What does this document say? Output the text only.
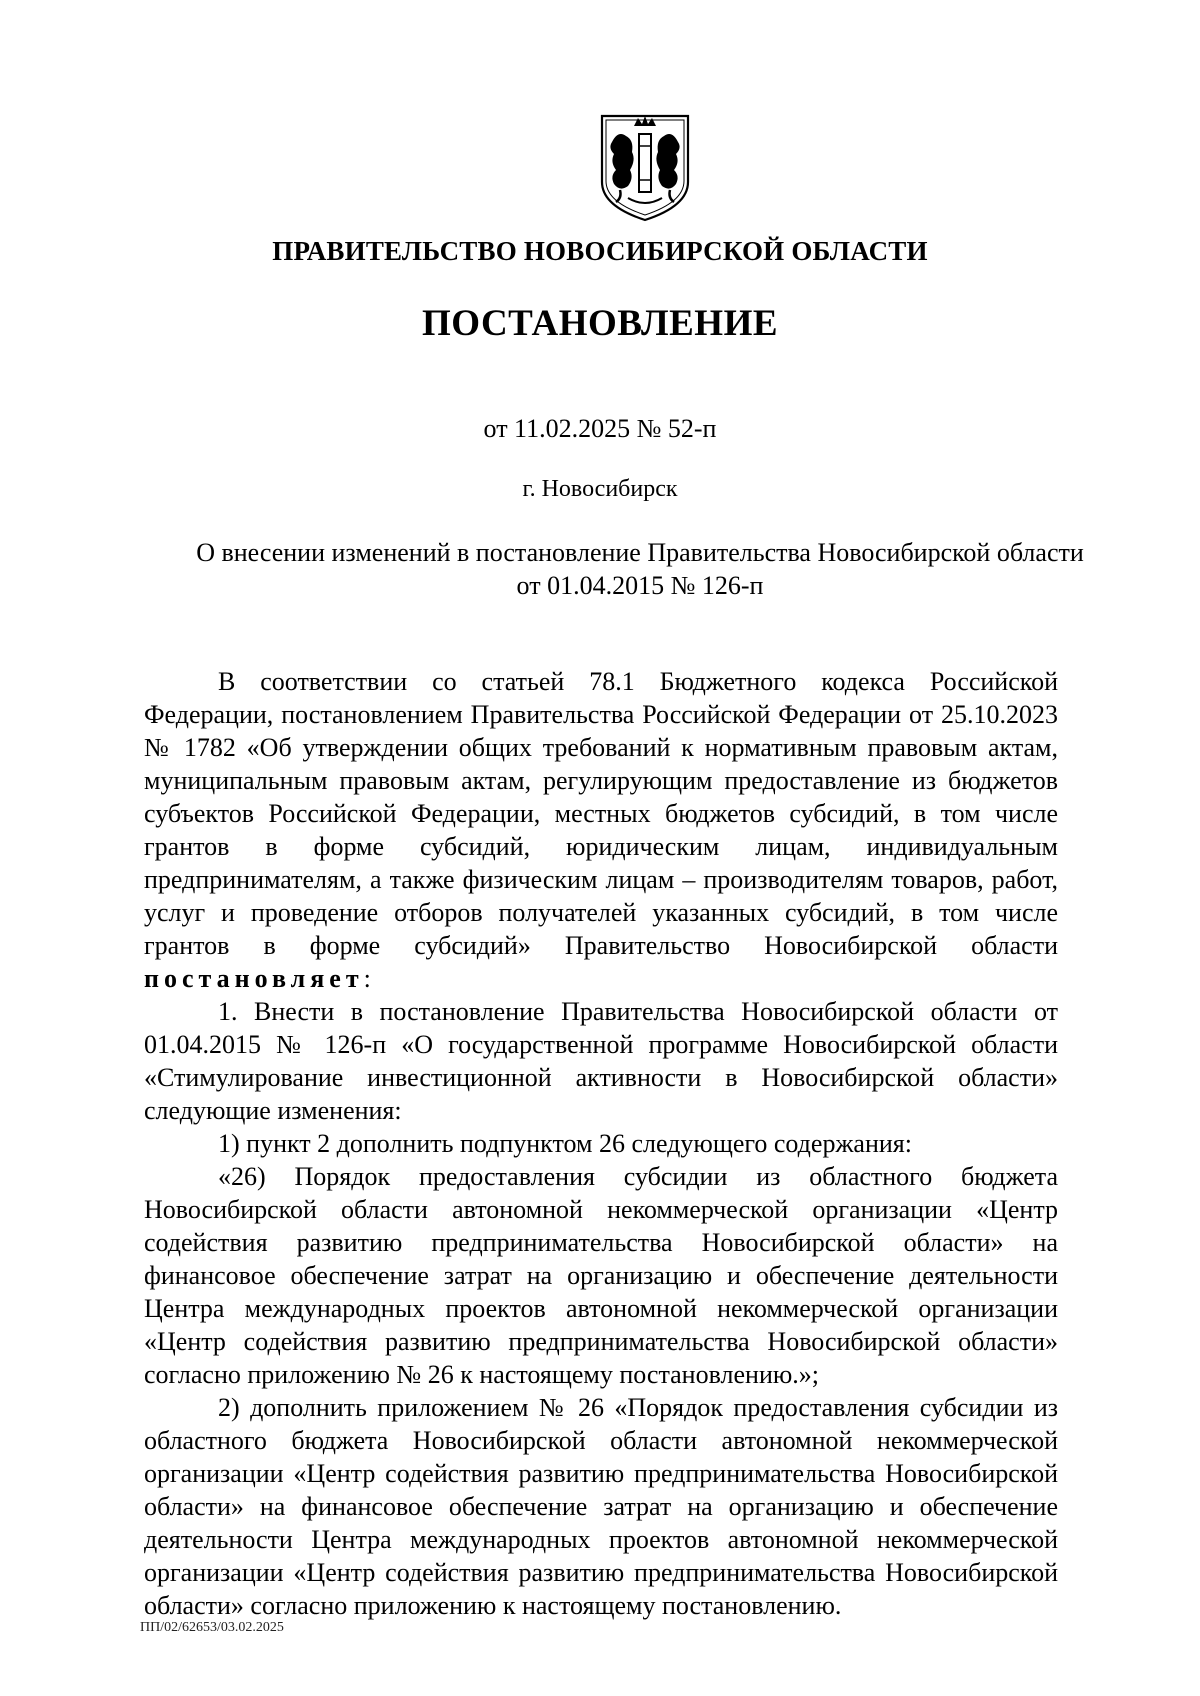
ПРАВИТЕЛЬСТВО НОВОСИБИРСКОЙ ОБЛАСТИ
ПОСТАНОВЛЕНИЕ
от 11.02.2025 № 52-п
г. Новосибирск
О внесении изменений в постановление Правительства Новосибирской области
от 01.04.2015 № 126-п

В соответствии со статьей 78.1 Бюджетного кодекса Российской Федерации, постановлением Правительства Российской Федерации от 25.10.2023 № 1782 «Об утверждении общих требований к нормативным правовым актам, муниципальным правовым актам, регулирующим предоставление из бюджетов субъектов Российской Федерации, местных бюджетов субсидий, в том числе грантов в форме субсидий, юридическим лицам, индивидуальным предпринимателям, а также физическим лицам – производителям товаров, работ, услуг и проведение отборов получателей указанных субсидий, в том числе грантов в форме субсидий» Правительство Новосибирской области постановляет:

1. Внести в постановление Правительства Новосибирской области от 01.04.2015 № 126-п «О государственной программе Новосибирской области «Стимулирование инвестиционной активности в Новосибирской области» следующие изменения:

1) пункт 2 дополнить подпунктом 26 следующего содержания:

«26) Порядок предоставления субсидии из областного бюджета Новосибирской области автономной некоммерческой организации «Центр содействия развитию предпринимательства Новосибирской области» на финансовое обеспечение затрат на организацию и обеспечение деятельности Центра международных проектов автономной некоммерческой организации «Центр содействия развитию предпринимательства Новосибирской области» согласно приложению № 26 к настоящему постановлению.»;

2) дополнить приложением № 26 «Порядок предоставления субсидии из областного бюджета Новосибирской области автономной некоммерческой организации «Центр содействия развитию предпринимательства Новосибирской области» на финансовое обеспечение затрат на организацию и обеспечение деятельности Центра международных проектов автономной некоммерческой организации «Центр содействия развитию предпринимательства Новосибирской области» согласно приложению к настоящему постановлению.

ПП/02/62653/03.02.2025
